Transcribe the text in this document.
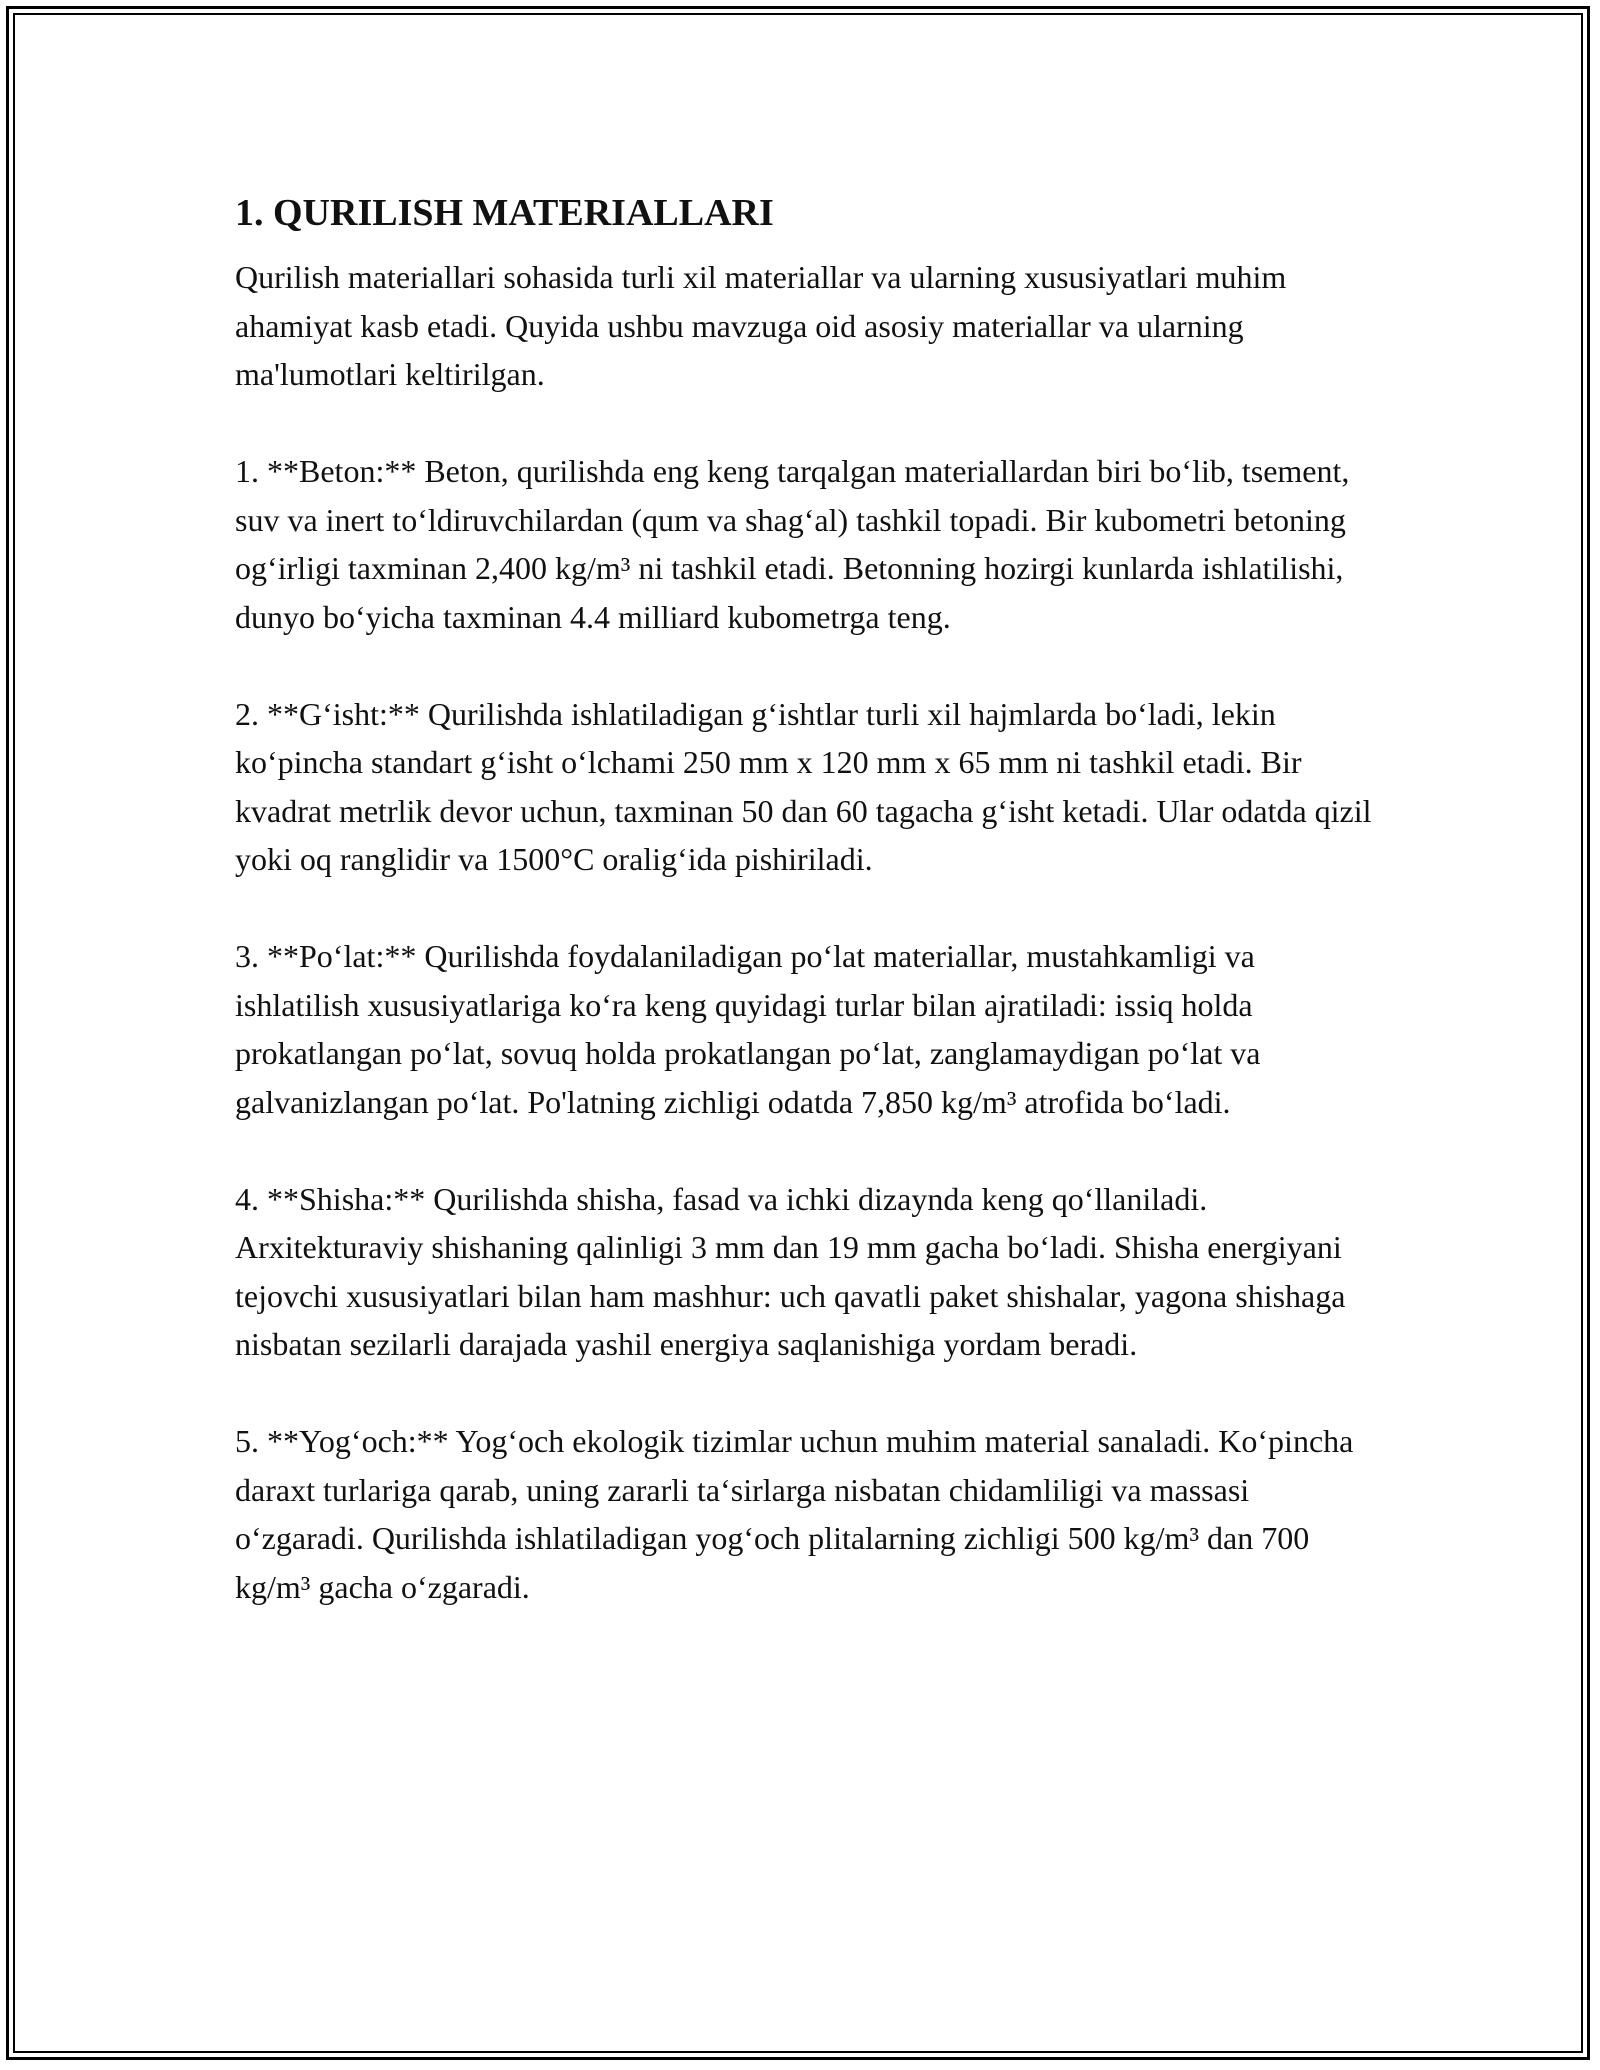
1. QURILISH MATERIALLARI

Qurilish materiallari sohasida turli xil materiallar va ularning xususiyatlari muhim ahamiyat kasb etadi. Quyida ushbu mavzuga oid asosiy materiallar va ularning ma'lumotlari keltirilgan.

1. **Beton:** Beton, qurilishda eng keng tarqalgan materiallardan biri bo‘lib, tsement, suv va inert to‘ldiruvchilardan (qum va shag‘al) tashkil topadi. Bir kubometri betoning og‘irligi taxminan 2,400 kg/m³ ni tashkil etadi. Betonning hozirgi kunlarda ishlatilishi, dunyo bo‘yicha taxminan 4.4 milliard kubometrga teng.

2. **G‘isht:** Qurilishda ishlatiladigan g‘ishtlar turli xil hajmlarda bo‘ladi, lekin ko‘pincha standart g‘isht o‘lchami 250 mm x 120 mm x 65 mm ni tashkil etadi. Bir kvadrat metrlik devor uchun, taxminan 50 dan 60 tagacha g‘isht ketadi. Ular odatda qizil yoki oq ranglidir va 1500°C oralig‘ida pishiriladi.

3. **Po‘lat:** Qurilishda foydalaniladigan po‘lat materiallar, mustahkamligi va ishlatilish xususiyatlariga ko‘ra keng quyidagi turlar bilan ajratiladi: issiq holda prokatlangan po‘lat, sovuq holda prokatlangan po‘lat, zanglamaydigan po‘lat va galvanizlangan po‘lat. Po'latning zichligi odatda 7,850 kg/m³ atrofida bo‘ladi.

4. **Shisha:** Qurilishda shisha, fasad va ichki dizaynda keng qo‘llaniladi. Arxitekturaviy shishaning qalinligi 3 mm dan 19 mm gacha bo‘ladi. Shisha energiyani tejovchi xususiyatlari bilan ham mashhur: uch qavatli paket shishalar, yagona shishaga nisbatan sezilarli darajada yashil energiya saqlanishiga yordam beradi.

5. **Yog‘och:** Yog‘och ekologik tizimlar uchun muhim material sanaladi. Ko‘pincha daraxt turlariga qarab, uning zararli ta‘sirlarga nisbatan chidamliligi va massasi o‘zgaradi. Qurilishda ishlatiladigan yog‘och plitalarning zichligi 500 kg/m³ dan 700 kg/m³ gacha o‘zgaradi.
